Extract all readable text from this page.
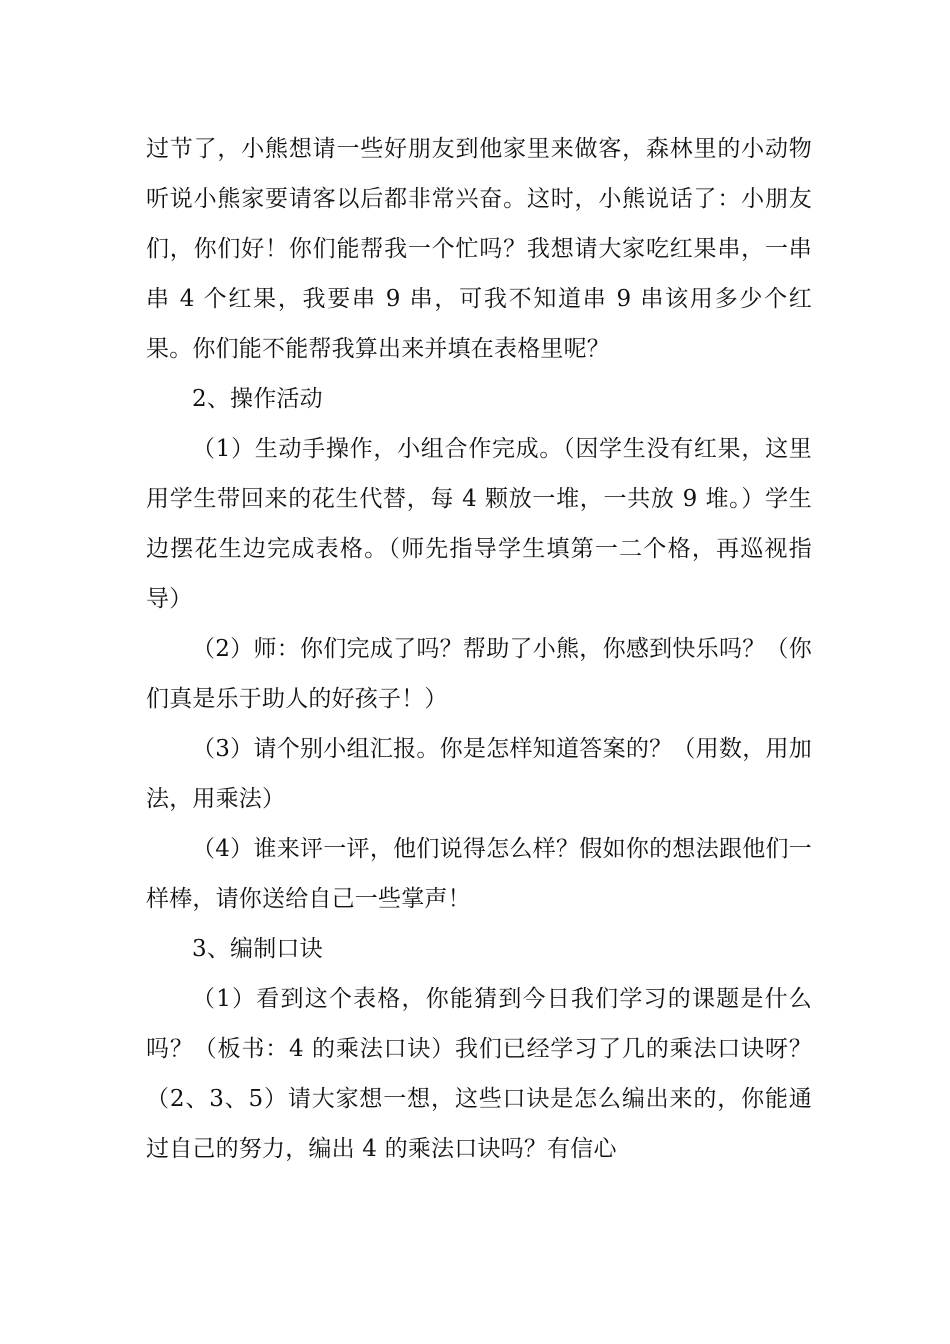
过节了，小熊想请一些好朋友到他家里来做客，森林里的小动物听说小熊家要请客以后都非常兴奋。这时，小熊说话了：小朋友们，你们好！你们能帮我一个忙吗？我想请大家吃红果串，一串串 4 个红果，我要串 9 串，可我不知道串 9 串该用多少个红果。你们能不能帮我算出来并填在表格里呢？

2、操作活动

（1）生动手操作，小组合作完成。（因学生没有红果，这里用学生带回来的花生代替，每 4 颗放一堆，一共放 9 堆。）学生边摆花生边完成表格。（师先指导学生填第一二个格，再巡视指导）

（2）师：你们完成了吗？帮助了小熊，你感到快乐吗？（你们真是乐于助人的好孩子！）

（3）请个别小组汇报。你是怎样知道答案的？（用数，用加法，用乘法）

（4）谁来评一评，他们说得怎么样？假如你的想法跟他们一样棒，请你送给自己一些掌声！

3、编制口诀

（1）看到这个表格，你能猜到今日我们学习的课题是什么吗？（板书：4 的乘法口诀）我们已经学习了几的乘法口诀呀？（2、3、5）请大家想一想，这些口诀是怎么编出来的，你能通过自己的努力，编出 4 的乘法口诀吗？有信心
